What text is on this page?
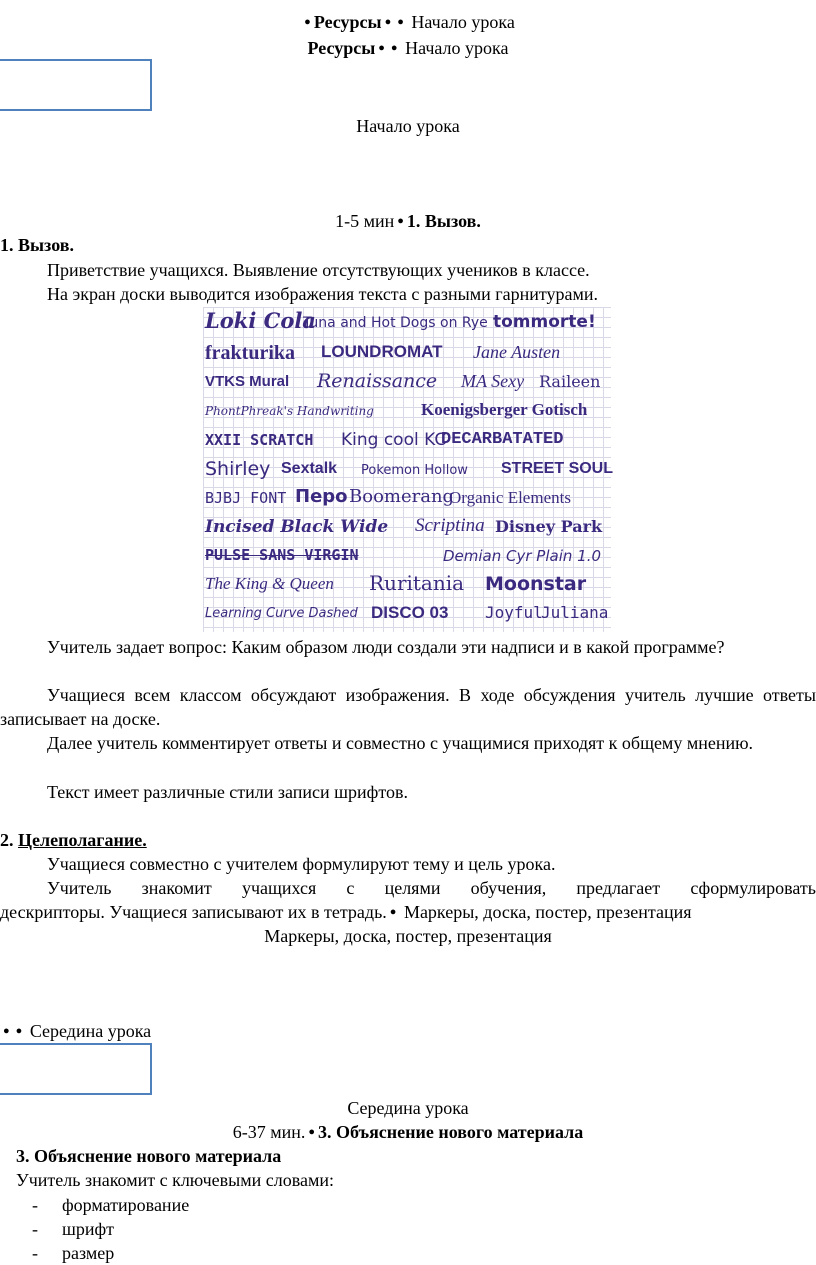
● Ресурсы ● ● Начало урока
Ресурсы ● ● Начало урока
Начало урока
1-5 мин ● 1. Вызов.
1. Вызов.
Приветствие учащихся. Выявление отсутствующих учеников в классе.
На экран доски выводится изображения текста с разными гарнитурами.
Loki Cola
Tuna and Hot Dogs on Rye tommorte!
frakturika LOUNDROMAT Jane Austen
VTKS Mural Renaissance MA Sexy Raileen
PhontPhreak's Handwriting	Koenigsberger Gotisch
XXII SCRATCH King cool KC
DECARBATATED
Shirley Sextalk Pokemon Hollow STREET SOUL
BJBJ FONT Пepo Boomerang
Organic Elements
Incised Black Wide Scriptina Disney Park
PULSE SANS VIRGIN	Demian Cyr Plain 1.0
The King & Queen Ruritania Moonstar
Learning Curve Dashed DISCO 03 Joyful
Juliana
Учитель задает вопрос: Каким образом люди создали эти надписи и в какой программе?
Учащиеся всем классом обсуждают изображения. В ходе обсуждения учитель лучшие ответы записывает на доске.
Далее учитель комментирует ответы и совместно с учащимися приходят к общему мнению.
Текст имеет различные стили записи шрифтов.
2. Целеполагание.
Учащиеся совместно с учителем формулируют тему и цель урока.
Учитель знакомит учащихся с целями обучения, предлагает сформулировать
дескрипторы. Учащиеся записывают их в тетрадь. ● Маркеры, доска, постер, презентация
Маркеры, доска, постер, презентация
● ● Середина урока
Середина урока
6-37 мин. ● 3. Объяснение нового материала
3. Объяснение нового материала
Учитель знакомит с ключевыми словами:
- форматирование
- шрифт
- размер
